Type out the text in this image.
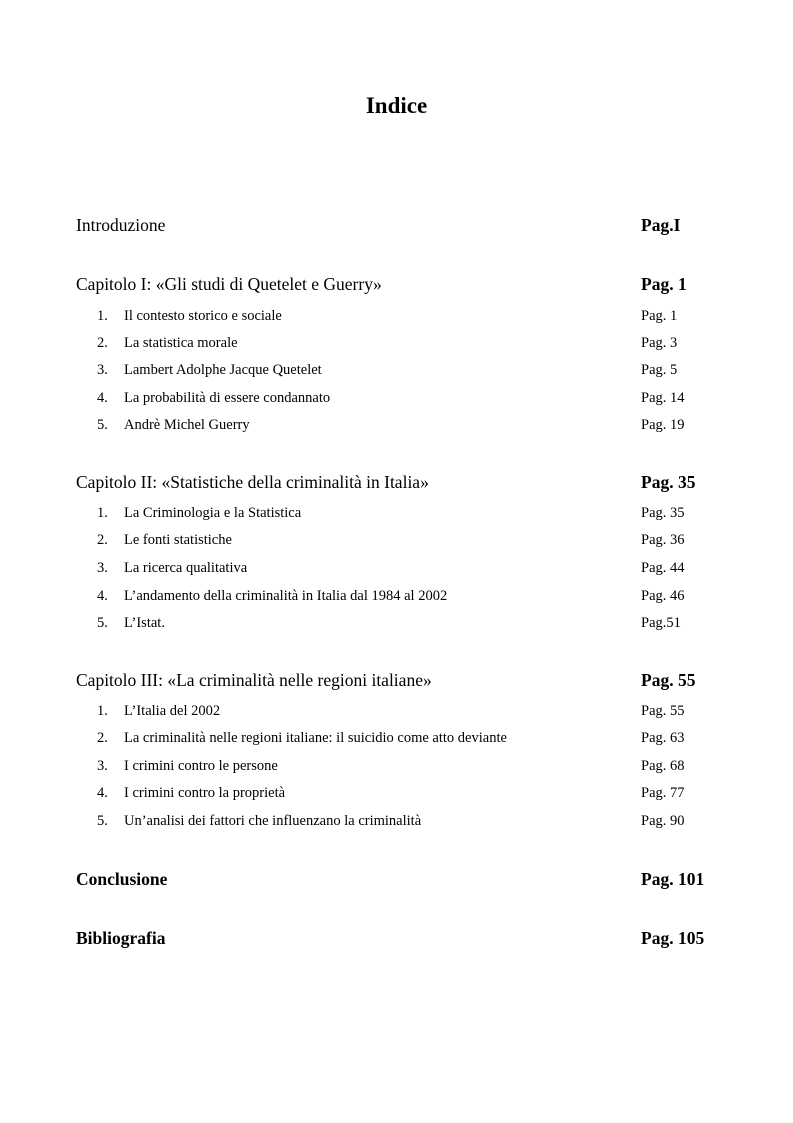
Indice
Introduzione	Pag.I
Capitolo I: «Gli studi di Quetelet e Guerry»	Pag. 1
1. Il contesto storico e sociale	Pag. 1
2. La statistica morale	Pag. 3
3. Lambert Adolphe Jacque Quetelet	Pag. 5
4. La probabilità di essere condannato	Pag. 14
5. Andrè Michel Guerry	Pag. 19
Capitolo II: «Statistiche della criminalità in Italia»	Pag. 35
1. La Criminologia e la Statistica	Pag. 35
2. Le fonti statistiche	Pag. 36
3. La ricerca qualitativa	Pag. 44
4. L’andamento della criminalità in Italia dal 1984 al 2002	Pag. 46
5. L’Istat.	Pag.51
Capitolo III: «La criminalità nelle regioni italiane»	Pag. 55
1. L’Italia del 2002	Pag. 55
2. La criminalità nelle regioni italiane: il suicidio come atto deviante	Pag. 63
3. I crimini contro le persone	Pag. 68
4. I crimini contro la proprietà	Pag. 77
5. Un’analisi dei fattori che influenzano la criminalità	Pag. 90
Conclusione	Pag. 101
Bibliografia	Pag. 105
